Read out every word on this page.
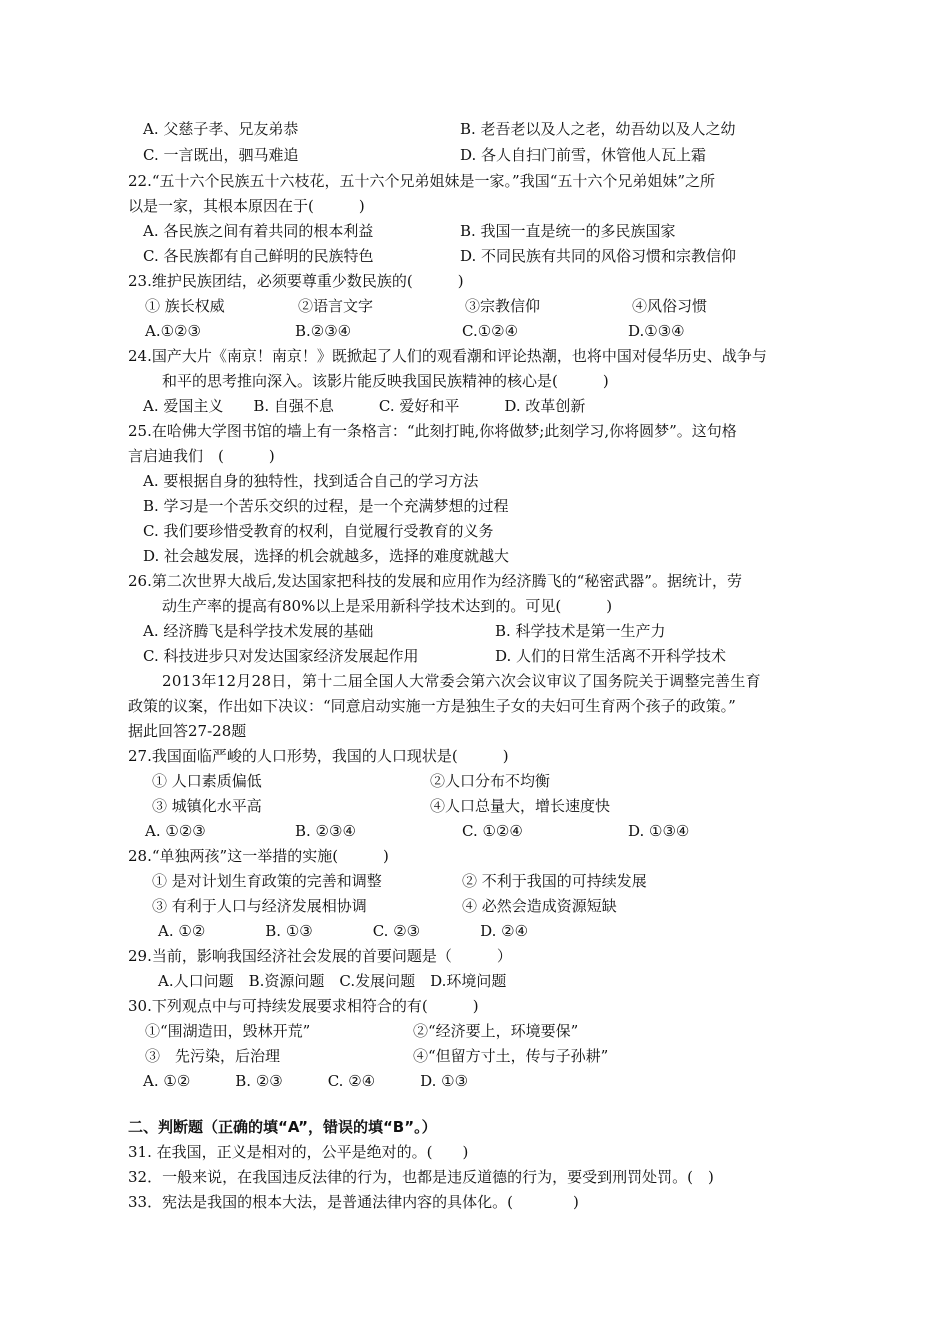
A. 父慈子孝、兄友弟恭	B. 老吾老以及人之老，幼吾幼以及人之幼
C. 一言既出，驷马难追	D. 各人自扫门前雪，休管他人瓦上霜
22.“五十六个民族五十六枝花，五十六个兄弟姐妹是一家。”我国“五十六个兄弟姐妹”之所
以是一家，其根本原因在于(　　　)
A. 各民族之间有着共同的根本利益	B. 我国一直是统一的多民族国家
C. 各民族都有自己鲜明的民族特色	D. 不同民族有共同的风俗习惯和宗教信仰
23.维护民族团结，必须要尊重少数民族的(　　　)
① 族长权威	②语言文字	③宗教信仰	④风俗习惯
A.①②③	B.②③④	C.①②④	D.①③④
24.国产大片《南京！南京！》既掀起了人们的观看潮和评论热潮，也将中国对侵华历史、战争与
和平的思考推向深入。该影片能反映我国民族精神的核心是(　　　)
A. 爱国主义　　B. 自强不息　　　C. 爱好和平　　　D. 改革创新
25.在哈佛大学图书馆的墙上有一条格言：“此刻打盹,你将做梦;此刻学习,你将圆梦”。这句格
言启迪我们　(　　　)
A. 要根据自身的独特性，找到适合自己的学习方法
B. 学习是一个苦乐交织的过程，是一个充满梦想的过程
C. 我们要珍惜受教育的权利，自觉履行受教育的义务
D. 社会越发展，选择的机会就越多，选择的难度就越大
26.第二次世界大战后,发达国家把科技的发展和应用作为经济腾飞的“秘密武器”。据统计，劳
动生产率的提高有80%以上是采用新科学技术达到的。可见(　　　)
A. 经济腾飞是科学技术发展的基础	B. 科学技术是第一生产力
C. 科技进步只对发达国家经济发展起作用	D. 人们的日常生活离不开科学技术
2013年12月28日，第十二届全国人大常委会第六次会议审议了国务院关于调整完善生育
政策的议案，作出如下决议：“同意启动实施一方是独生子女的夫妇可生育两个孩子的政策。”
据此回答27-28题
27.我国面临严峻的人口形势，我国的人口现状是(　　　)
① 人口素质偏低	②人口分布不均衡
③ 城镇化水平高	④人口总量大，增长速度快
A. ①②③	B. ②③④	C. ①②④	D. ①③④
28.“单独两孩”这一举措的实施(　　　)
① 是对计划生育政策的完善和调整	② 不利于我国的可持续发展
③ 有利于人口与经济发展相协调	④ 必然会造成资源短缺
A. ①②　　　　B. ①③　　　　C. ②③　　　　D. ②④
29.当前，影响我国经济社会发展的首要问题是（　　　）
A.人口问题　B.资源问题　C.发展问题　D.环境问题
30.下列观点中与可持续发展要求相符合的有(　　　)
①“围湖造田，毁林开荒”	②“经济要上，环境要保”
③　先污染，后治理	④“但留方寸土，传与子孙耕”
A. ①②　　　B. ②③　　　C. ②④　　　D. ①③
二、判断题（正确的填“A”，错误的填“B”。）
31. 在我国，正义是相对的，公平是绝对的。(　　)
32．一般来说，在我国违反法律的行为，也都是违反道德的行为，要受到刑罚处罚。(　)
33．宪法是我国的根本大法，是普通法律内容的具体化。(　　　　)
